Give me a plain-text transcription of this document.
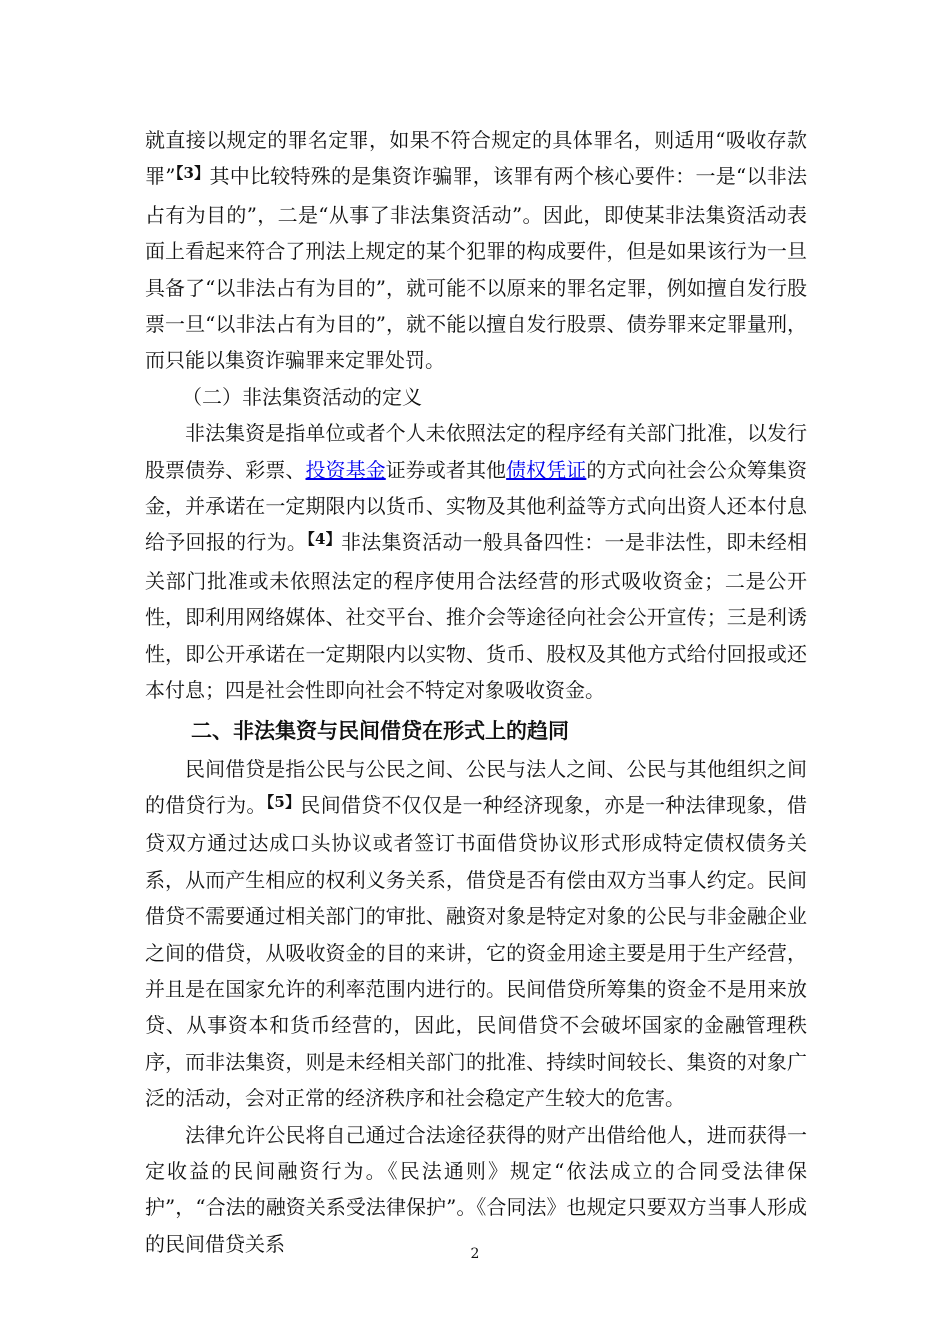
就直接以规定的罪名定罪，如果不符合规定的具体罪名，则适用“吸收存款罪”$^{【3】}$其中比较特殊的是集资诈骗罪，该罪有两个核心要件：一是“以非法占有为目的”，二是“从事了非法集资活动”。因此，即使某非法集资活动表面上看起来符合了刑法上规定的某个犯罪的构成要件，但是如果该行为一旦具备了“以非法占有为目的”，就可能不以原来的罪名定罪，例如擅自发行股票一旦“以非法占有为目的”，就不能以擅自发行股票、债券罪来定罪量刑，而只能以集资诈骗罪来定罪处罚。

（二）非法集资活动的定义

非法集资是指单位或者个人未依照法定的程序经有关部门批准，以发行股票债券、彩票、投资基金证券或者其他债权凭证的方式向社会公众筹集资金，并承诺在一定期限内以货币、实物及其他利益等方式向出资人还本付息给予回报的行为。$^{【4】}$非法集资活动一般具备四性：一是非法性，即未经相关部门批准或未依照法定的程序使用合法经营的形式吸收资金；二是公开性，即利用网络媒体、社交平台、推介会等途径向社会公开宣传；三是利诱性，即公开承诺在一定期限内以实物、货币、股权及其他方式给付回报或还本付息；四是社会性即向社会不特定对象吸收资金。

二、非法集资与民间借贷在形式上的趋同

民间借贷是指公民与公民之间、公民与法人之间、公民与其他组织之间的借贷行为。$^{【5】}$民间借贷不仅仅是一种经济现象，亦是一种法律现象，借贷双方通过达成口头协议或者签订书面借贷协议形式形成特定债权债务关系，从而产生相应的权利义务关系，借贷是否有偿由双方当事人约定。民间借贷不需要通过相关部门的审批、融资对象是特定对象的公民与非金融企业之间的借贷，从吸收资金的目的来讲，它的资金用途主要是用于生产经营，并且是在国家允许的利率范围内进行的。民间借贷所筹集的资金不是用来放贷、从事资本和货币经营的，因此，民间借贷不会破坏国家的金融管理秩序，而非法集资，则是未经相关部门的批准、持续时间较长、集资的对象广泛的活动，会对正常的经济秩序和社会稳定产生较大的危害。

法律允许公民将自己通过合法途径获得的财产出借给他人，进而获得一定收益的民间融资行为。《民法通则》规定“依法成立的合同受法律保护”，“合法的融资关系受法律保护”。《合同法》也规定只要双方当事人形成的民间借贷关系	2
